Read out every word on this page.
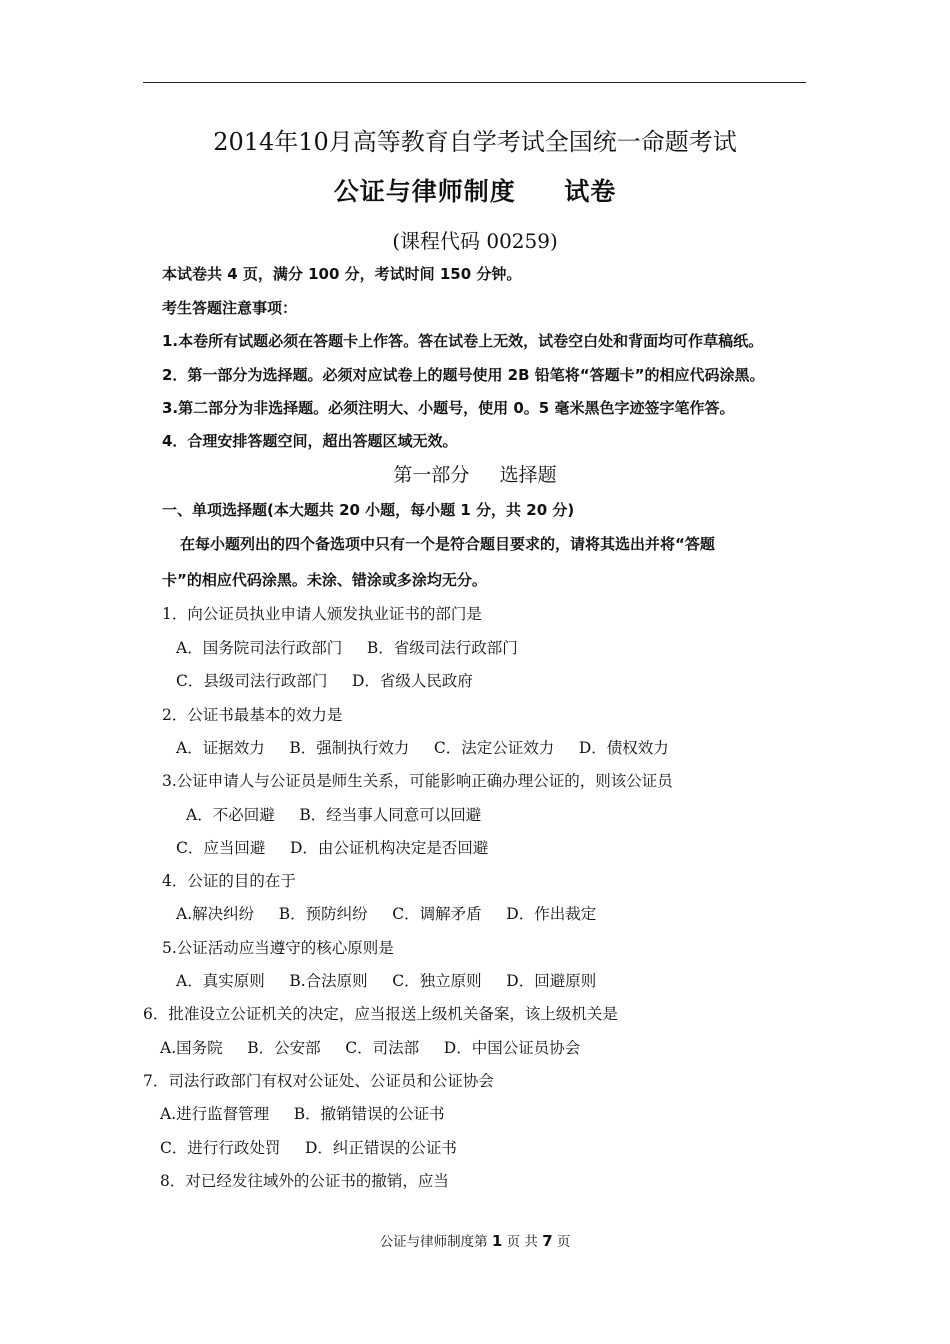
2014年10月高等教育自学考试全国统一命题考试
公证与律师制度     试卷
(课程代码 00259)
本试卷共 4 页，满分 100 分，考试时间 150 分钟。
考生答题注意事项：
1.本卷所有试题必须在答题卡上作答。答在试卷上无效，试卷空白处和背面均可作草稿纸。
2．第一部分为选择题。必须对应试卷上的题号使用 2B 铅笔将“答题卡”的相应代码涂黑。
3.第二部分为非选择题。必须注明大、小题号，使用 0。5 毫米黑色字迹签字笔作答。
4．合理安排答题空间，超出答题区域无效。
第一部分     选择题
一、单项选择题(本大题共 20 小题，每小题 1 分，共 20 分)
在每小题列出的四个备选项中只有一个是符合题目要求的，请将其选出并将“答题
卡”的相应代码涂黑。未涂、错涂或多涂均无分。
1．向公证员执业申请人颁发执业证书的部门是
A．国务院司法行政部门     B．省级司法行政部门
C．县级司法行政部门     D．省级人民政府
2．公证书最基本的效力是
A．证据效力     B．强制执行效力     C．法定公证效力     D．债权效力
3.公证申请人与公证员是师生关系，可能影响正确办理公证的，则该公证员
A．不必回避     B．经当事人同意可以回避
C．应当回避     D．由公证机构决定是否回避
4．公证的目的在于
A.解决纠纷     B．预防纠纷     C．调解矛盾     D．作出裁定
5.公证活动应当遵守的核心原则是
A．真实原则     B.合法原则     C．独立原则     D．回避原则
6．批准设立公证机关的决定，应当报送上级机关备案，该上级机关是
A.国务院     B．公安部     C．司法部     D．中国公证员协会
7．司法行政部门有权对公证处、公证员和公证协会
A.进行监督管理     B．撤销错误的公证书
C．进行行政处罚     D．纠正错误的公证书
8．对已经发往域外的公证书的撤销，应当
公证与律师制度第 1 页 共 7 页
